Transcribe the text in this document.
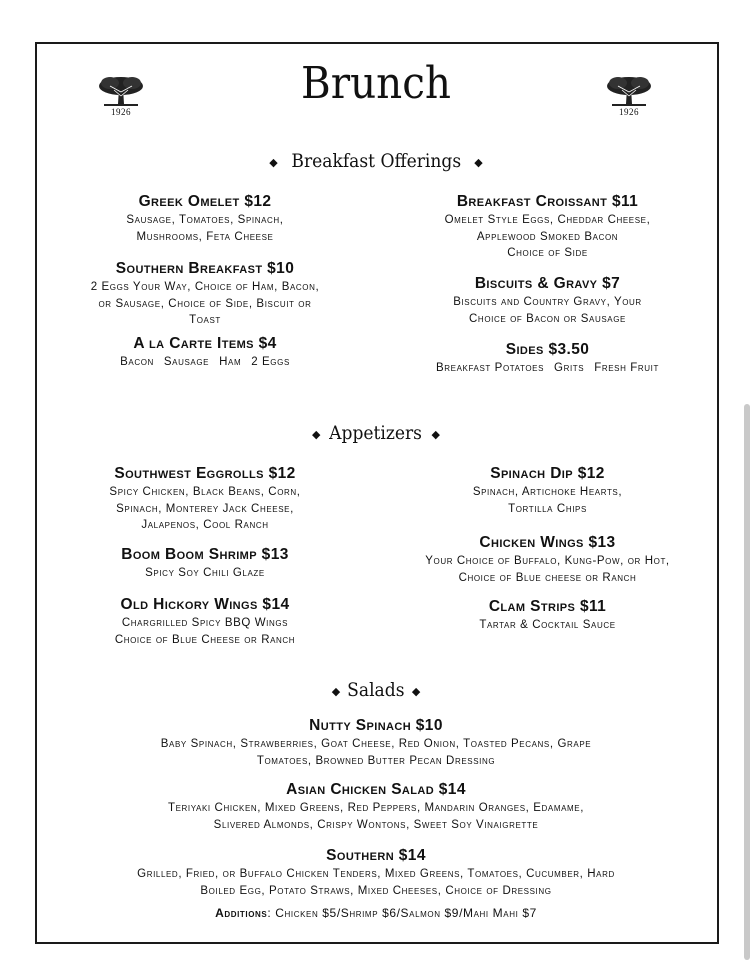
1926	1926
Brunch
◆ Breakfast Offerings ◆
Greek Omelet $12
Sausage, Tomatoes, Spinach,
Mushrooms, Feta Cheese
Southern Breakfast $10
2 Eggs Your Way, Choice of Ham, Bacon,
or Sausage, Choice of Side, Biscuit or
Toast
A la Carte Items $4
Bacon Sausage Ham 2 Eggs
Breakfast Croissant $11
Omelet Style Eggs, Cheddar Cheese,
Applewood Smoked Bacon
Choice of Side
Biscuits & Gravy $7
Biscuits and Country Gravy, Your
Choice of Bacon or Sausage
Sides $3.50
Breakfast Potatoes Grits Fresh Fruit
◆ Appetizers ◆
Southwest Eggrolls $12
Spicy Chicken, Black Beans, Corn,
Spinach, Monterey Jack Cheese,
Jalapenos, Cool Ranch
Boom Boom Shrimp $13
Spicy Soy Chili Glaze
Old Hickory Wings $14
Chargrilled Spicy BBQ Wings
Choice of Blue Cheese or Ranch
Spinach Dip $12
Spinach, Artichoke Hearts,
Tortilla Chips
Chicken Wings $13
Your Choice of Buffalo, Kung-Pow, or Hot,
Choice of Blue cheese or Ranch
Clam Strips $11
Tartar & Cocktail Sauce
◆ Salads ◆
Nutty Spinach $10
Baby Spinach, Strawberries, Goat Cheese, Red Onion, Toasted Pecans, Grape
Tomatoes, Browned Butter Pecan Dressing
Asian Chicken Salad $14
Teriyaki Chicken, Mixed Greens, Red Peppers, Mandarin Oranges, Edamame,
Slivered Almonds, Crispy Wontons, Sweet Soy Vinaigrette
Southern $14
Grilled, Fried, or Buffalo Chicken Tenders, Mixed Greens, Tomatoes, Cucumber, Hard
Boiled Egg, Potato Straws, Mixed Cheeses, Choice of Dressing
Additions: Chicken $5/Shrimp $6/Salmon $9/Mahi Mahi $7
